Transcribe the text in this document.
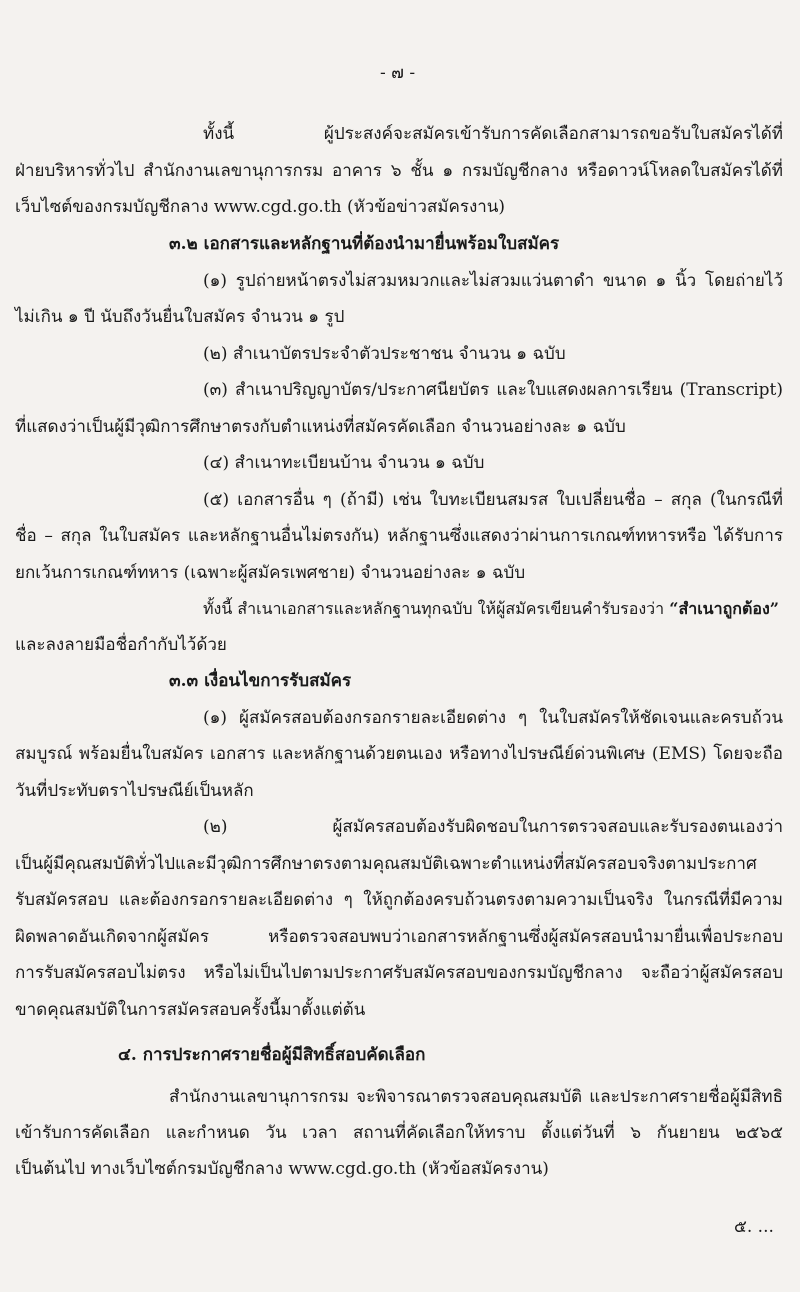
- ๗ -
ทั้งนี้ ผู้ประสงค์จะสมัครเข้ารับการคัดเลือกสามารถขอรับใบสมัครได้ที่
ฝ่ายบริหารทั่วไป สำนักงานเลขานุการกรม อาคาร ๖ ชั้น ๑ กรมบัญชีกลาง หรือดาวน์โหลดใบสมัครได้ที่
เว็บไซต์ของกรมบัญชีกลาง www.cgd.go.th (หัวข้อข่าวสมัครงาน)
๓.๒ เอกสารและหลักฐานที่ต้องนำมายื่นพร้อมใบสมัคร
(๑) รูปถ่ายหน้าตรงไม่สวมหมวกและไม่สวมแว่นตาดำ ขนาด ๑ นิ้ว โดยถ่ายไว้
ไม่เกิน ๑ ปี นับถึงวันยื่นใบสมัคร จำนวน ๑ รูป
(๒) สำเนาบัตรประจำตัวประชาชน จำนวน ๑ ฉบับ
(๓) สำเนาปริญญาบัตร/ประกาศนียบัตร และใบแสดงผลการเรียน (Transcript)
ที่แสดงว่าเป็นผู้มีวุฒิการศึกษาตรงกับตำแหน่งที่สมัครคัดเลือก จำนวนอย่างละ ๑ ฉบับ
(๔) สำเนาทะเบียนบ้าน จำนวน ๑ ฉบับ
(๕) เอกสารอื่น ๆ (ถ้ามี) เช่น ใบทะเบียนสมรส ใบเปลี่ยนชื่อ – สกุล (ในกรณีที่
ชื่อ – สกุล ในใบสมัคร และหลักฐานอื่นไม่ตรงกัน) หลักฐานซึ่งแสดงว่าผ่านการเกณฑ์ทหารหรือ ได้รับการ
ยกเว้นการเกณฑ์ทหาร (เฉพาะผู้สมัครเพศชาย) จำนวนอย่างละ ๑ ฉบับ
ทั้งนี้ สำเนาเอกสารและหลักฐานทุกฉบับ ให้ผู้สมัครเขียนคำรับรองว่า “สำเนาถูกต้อง”
และลงลายมือชื่อกำกับไว้ด้วย
๓.๓ เงื่อนไขการรับสมัคร
(๑) ผู้สมัครสอบต้องกรอกรายละเอียดต่าง ๆ ในใบสมัครให้ชัดเจนและครบถ้วน
สมบูรณ์ พร้อมยื่นใบสมัคร เอกสาร และหลักฐานด้วยตนเอง หรือทางไปรษณีย์ด่วนพิเศษ (EMS) โดยจะถือ
วันที่ประทับตราไปรษณีย์เป็นหลัก
(๒) ผู้สมัครสอบต้องรับผิดชอบในการตรวจสอบและรับรองตนเองว่า
เป็นผู้มีคุณสมบัติทั่วไปและมีวุฒิการศึกษาตรงตามคุณสมบัติเฉพาะตำแหน่งที่สมัครสอบจริงตามประกาศ
รับสมัครสอบ และต้องกรอกรายละเอียดต่าง ๆ ให้ถูกต้องครบถ้วนตรงตามความเป็นจริง ในกรณีที่มีความ
ผิดพลาดอันเกิดจากผู้สมัคร หรือตรวจสอบพบว่าเอกสารหลักฐานซึ่งผู้สมัครสอบนำมายื่นเพื่อประกอบ
การรับสมัครสอบไม่ตรง หรือไม่เป็นไปตามประกาศรับสมัครสอบของกรมบัญชีกลาง จะถือว่าผู้สมัครสอบ
ขาดคุณสมบัติในการสมัครสอบครั้งนี้มาตั้งแต่ต้น
๔. การประกาศรายชื่อผู้มีสิทธิ์สอบคัดเลือก
สำนักงานเลขานุการกรม จะพิจารณาตรวจสอบคุณสมบัติ และประกาศรายชื่อผู้มีสิทธิ
เข้ารับการคัดเลือก และกำหนด วัน เวลา สถานที่คัดเลือกให้ทราบ ตั้งแต่วันที่ ๖ กันยายน ๒๕๖๕
เป็นต้นไป ทางเว็บไซต์กรมบัญชีกลาง www.cgd.go.th (หัวข้อสมัครงาน)
๕. ...
